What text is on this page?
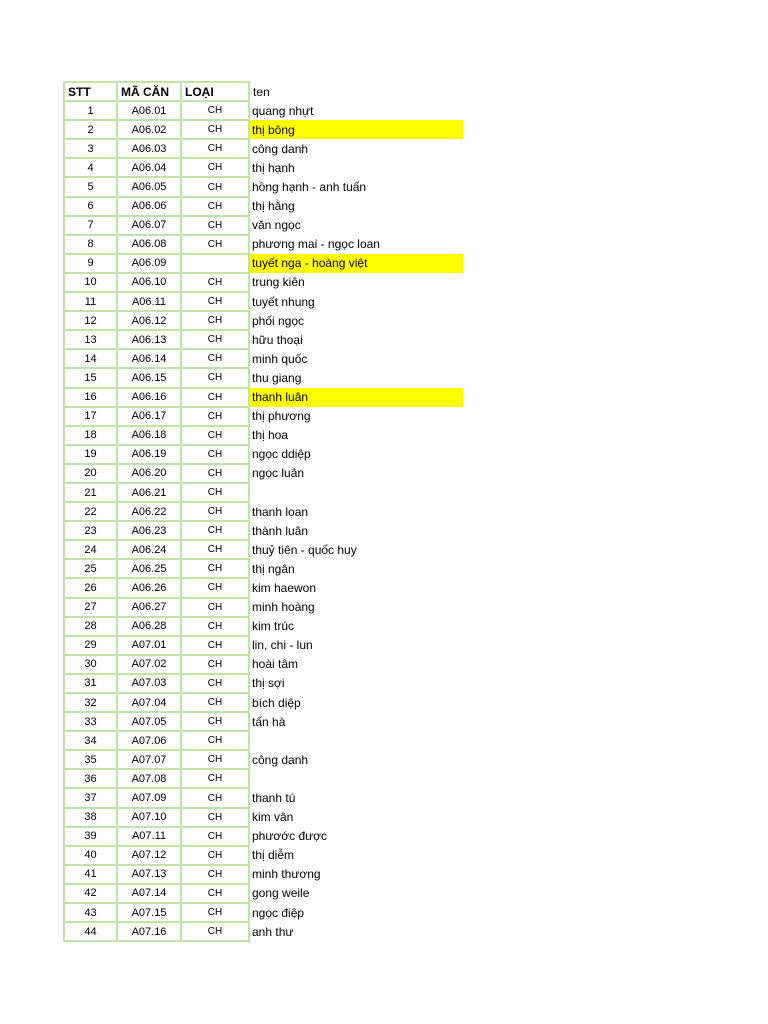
STT	MÃ CĂN	LOẠI	ten
1	A06.01	CH	quang nhựt
2	A06.02	CH	thị bông
3	A06.03	CH	công danh
4	A06.04	CH	thị hạnh
5	A06.05	CH	hồng hạnh - anh tuấn
6	A06.06	CH	thị hằng
7	A06.07	CH	văn ngọc
8	A06.08	CH	phương mai - ngọc loan
9	A06.09		tuyết nga - hoàng việt
10	A06.10	CH	trung kiên
11	A06.11	CH	tuyết nhung
12	A06.12	CH	phối ngọc
13	A06.13	CH	hữu thoại
14	A06.14	CH	minh quốc
15	A06.15	CH	thu giang
16	A06.16	CH	thanh luân
17	A06.17	CH	thị phương
18	A06.18	CH	thị hoa
19	A06.19	CH	ngọc ddiệp
20	A06.20	CH	ngọc luân
21	A06.21	CH	
22	A06.22	CH	thanh loan
23	A06.23	CH	thành luân
24	A06.24	CH	thuỷ tiên - quốc huy
25	A06.25	CH	thị ngân
26	A06.26	CH	kim haewon
27	A06.27	CH	minh hoàng
28	A06.28	CH	kim trúc
29	A07.01	CH	lin, chi - lun
30	A07.02	CH	hoài tâm
31	A07.03	CH	thị sợi
32	A07.04	CH	bích diệp
33	A07.05	CH	tấn hà
34	A07.06	CH	
35	A07.07	CH	công danh
36	A07.08	CH	
37	A07.09	CH	thanh tú
38	A07.10	CH	kim vân
39	A07.11	CH	phươớc được
40	A07.12	CH	thị diễm
41	A07.13	CH	minh thương
42	A07.14	CH	gong weile
43	A07.15	CH	ngọc điệp
44	A07.16	CH	anh thư
